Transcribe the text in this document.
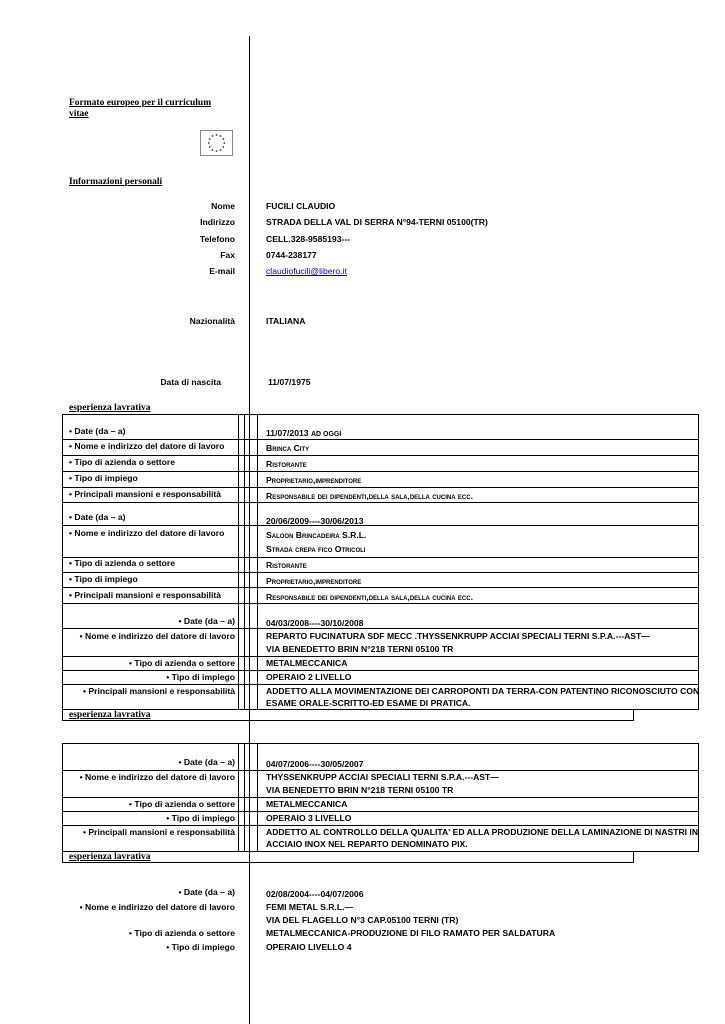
Formato europeo per il curriculum
vitae
Informazioni personali
Nome	FUCILI CLAUDIO
Indirizzo	STRADA DELLA VAL DI SERRA N°94-TERNI 05100(TR)
Telefono	CELL.328-9585193---
Fax	0744-238177
E-mail	claudiofucili@libero.it
Nazionalità	ITALIANA
Data di nascita	11/07/1975
esperienza lavrativa
• Date (da – a)	11/07/2013 AD OGGI
• Nome e indirizzo del datore di lavoro	Brinca City
• Tipo di azienda o settore	Ristorante
• Tipo di impiego	Proprietario,imprenditore
• Principali mansioni e responsabilità	Responsabile dei dipendenti,della sala,della cucina ecc.
• Date (da – a)	20/06/2009----30/06/2013
• Nome e indirizzo del datore di lavoro	Saloon Brincadeira S.R.L.
Strada crepa fico Otricoli
• Tipo di azienda o settore	Ristorante
• Tipo di impiego	Proprietario,imprenditore
• Principali mansioni e responsabilità	Responsabile dei dipendenti,della sala,della cucina ecc.
• Date (da – a)	04/03/2008----30/10/2008
• Nome e indirizzo del datore di lavoro	REPARTO FUCINATURA SDF MECC .THYSSENKRUPP ACCIAI SPECIALI TERNI S.P.A.---AST—
VIA BENEDETTO BRIN N°218 TERNI 05100 TR
• Tipo di azienda o settore	METALMECCANICA
• Tipo di impiego	OPERAIO 2 LIVELLO
• Principali mansioni e responsabilità	ADDETTO ALLA MOVIMENTAZIONE DEI CARROPONTI DA TERRA-CON PATENTINO RICONOSCIUTO CON
ESAME ORALE-SCRITTO-ED ESAME DI PRATICA.
esperienza lavrativa
• Date (da – a)	04/07/2006----30/05/2007
• Nome e indirizzo del datore di lavoro	THYSSENKRUPP ACCIAI SPECIALI TERNI S.P.A.---AST—
VIA BENEDETTO BRIN N°218 TERNI 05100 TR
• Tipo di azienda o settore	METALMECCANICA
• Tipo di impiego	OPERAIO 3 LIVELLO
• Principali mansioni e responsabilità	ADDETTO AL CONTROLLO DELLA QUALITA' ED ALLA PRODUZIONE DELLA LAMINAZIONE DI NASTRI IN
ACCIAIO INOX NEL REPARTO DENOMINATO PIX.
esperienza lavrativa
• Date (da – a)	02/08/2004----04/07/2006
• Nome e indirizzo del datore di lavoro	FEMI METAL S.R.L.—
VIA DEL FLAGELLO N°3 CAP.05100 TERNI (TR)
• Tipo di azienda o settore	METALMECCANICA-PRODUZIONE DI FILO RAMATO PER SALDATURA
• Tipo di impiego	OPERAIO LIVELLO 4
